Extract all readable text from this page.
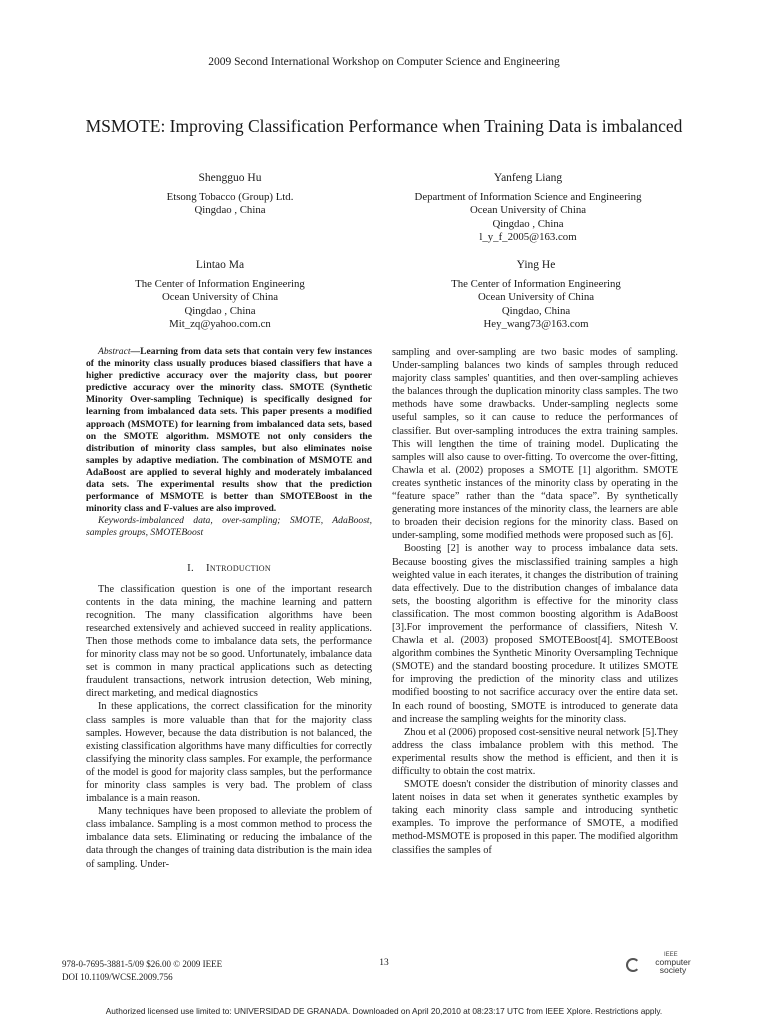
2009 Second International Workshop on Computer Science and Engineering
MSMOTE: Improving Classification Performance when Training Data is imbalanced
Shengguo Hu
Etsong Tobacco (Group) Ltd.
Qingdao , China
Yanfeng Liang
Department of Information Science and Engineering
Ocean University of China
Qingdao , China
l_y_f_2005@163.com
Lintao Ma
The Center of Information Engineering
Ocean University of China
Qingdao , China
Mit_zq@yahoo.com.cn
Ying He
The Center of Information Engineering
Ocean University of China
Qingdao, China
Hey_wang73@163.com

Abstract—Learning from data sets that contain very few instances of the minority class usually produces biased classifiers that have a higher predictive accuracy over the majority class, but poorer predictive accuracy over the minority class. SMOTE (Synthetic Minority Over-sampling Technique) is specifically designed for learning from imbalanced data sets. This paper presents a modified approach (MSMOTE) for learning from imbalanced data sets, based on the SMOTE algorithm. MSMOTE not only considers the distribution of minority class samples, but also eliminates noise samples by adaptive mediation. The combination of MSMOTE and AdaBoost are applied to several highly and moderately imbalanced data sets. The experimental results show that the prediction performance of MSMOTE is better than SMOTEBoost in the minority class and F-values are also improved.

Keywords-imbalanced data, over-sampling; SMOTE, AdaBoost, samples groups, SMOTEBoost

I. Introduction

The classification question is one of the important research contents in the data mining, the machine learning and pattern recognition. The many classification algorithms have been researched extensively and achieved succeed in reality applications. Then those methods come to imbalance data sets, the performance for minority class may not be so good. Unfortunately, imbalance data set is common in many practical applications such as detecting fraudulent transactions, network intrusion detection, Web mining, direct marketing, and medical diagnostics

In these applications, the correct classification for the minority class samples is more valuable than that for the majority class samples. However, because the data distribution is not balanced, the existing classification algorithms have many difficulties for correctly classifying the minority class samples. For example, the performance of the model is good for majority class samples, but the performance for minority class samples is very bad. The problem of class imbalance is a main reason.

Many techniques have been proposed to alleviate the problem of class imbalance. Sampling is a most common method to process the imbalance data sets. Eliminating or reducing the imbalance of the data through the changes of training data distribution is the main idea of sampling. Under-

sampling and over-sampling are two basic modes of sampling. Under-sampling balances two kinds of samples through reduced majority class samples' quantities, and then over-sampling achieves the balances through the duplication minority class samples. The two methods have some drawbacks. Under-sampling neglects some useful samples, so it can cause to reduce the performances of classifier. But over-sampling introduces the extra training samples. This will lengthen the time of training model. Duplicating the samples will also cause to over-fitting. To overcome the over-fitting, Chawla et al. (2002) proposes a SMOTE [1] algorithm. SMOTE creates synthetic instances of the minority class by operating in the “feature space” rather than the “data space”. By synthetically generating more instances of the minority class, the learners are able to broaden their decision regions for the minority class. Based on under-sampling, some modified methods were proposed such as [6].

Boosting [2] is another way to process imbalance data sets. Because boosting gives the misclassified training samples a high weighted value in each iterates, it changes the distribution of training data effectively. Due to the distribution changes of imbalance data sets, the boosting algorithm is effective for the minority class classification. The most common boosting algorithm is AdaBoost [3].For improvement the performance of classifiers, Nitesh V. Chawla et al. (2003) proposed SMOTEBoost[4]. SMOTEBoost algorithm combines the Synthetic Minority Oversampling Technique (SMOTE) and the standard boosting procedure. It utilizes SMOTE for improving the prediction of the minority class and utilizes modified boosting to not sacrifice accuracy over the entire data set. In each round of boosting, SMOTE is introduced to generate data and increase the sampling weights for the minority class.

Zhou et al (2006) proposed cost-sensitive neural network [5].They address the class imbalance problem with this method. The experimental results show the method is efficient, and then it is difficulty to obtain the cost matrix.

SMOTE doesn't consider the distribution of minority classes and latent noises in data set when it generates synthetic examples by taking each minority class sample and introducing synthetic examples. To improve the performance of SMOTE, a modified method-MSMOTE is proposed in this paper. The modified algorithm classifies the samples of

978-0-7695-3881-5/09 $26.00 © 2009 IEEE
DOI 10.1109/WCSE.2009.756
13
IEEE
computer
society
Authorized licensed use limited to: UNIVERSIDAD DE GRANADA. Downloaded on April 20,2010 at 08:23:17 UTC from IEEE Xplore. Restrictions apply.
